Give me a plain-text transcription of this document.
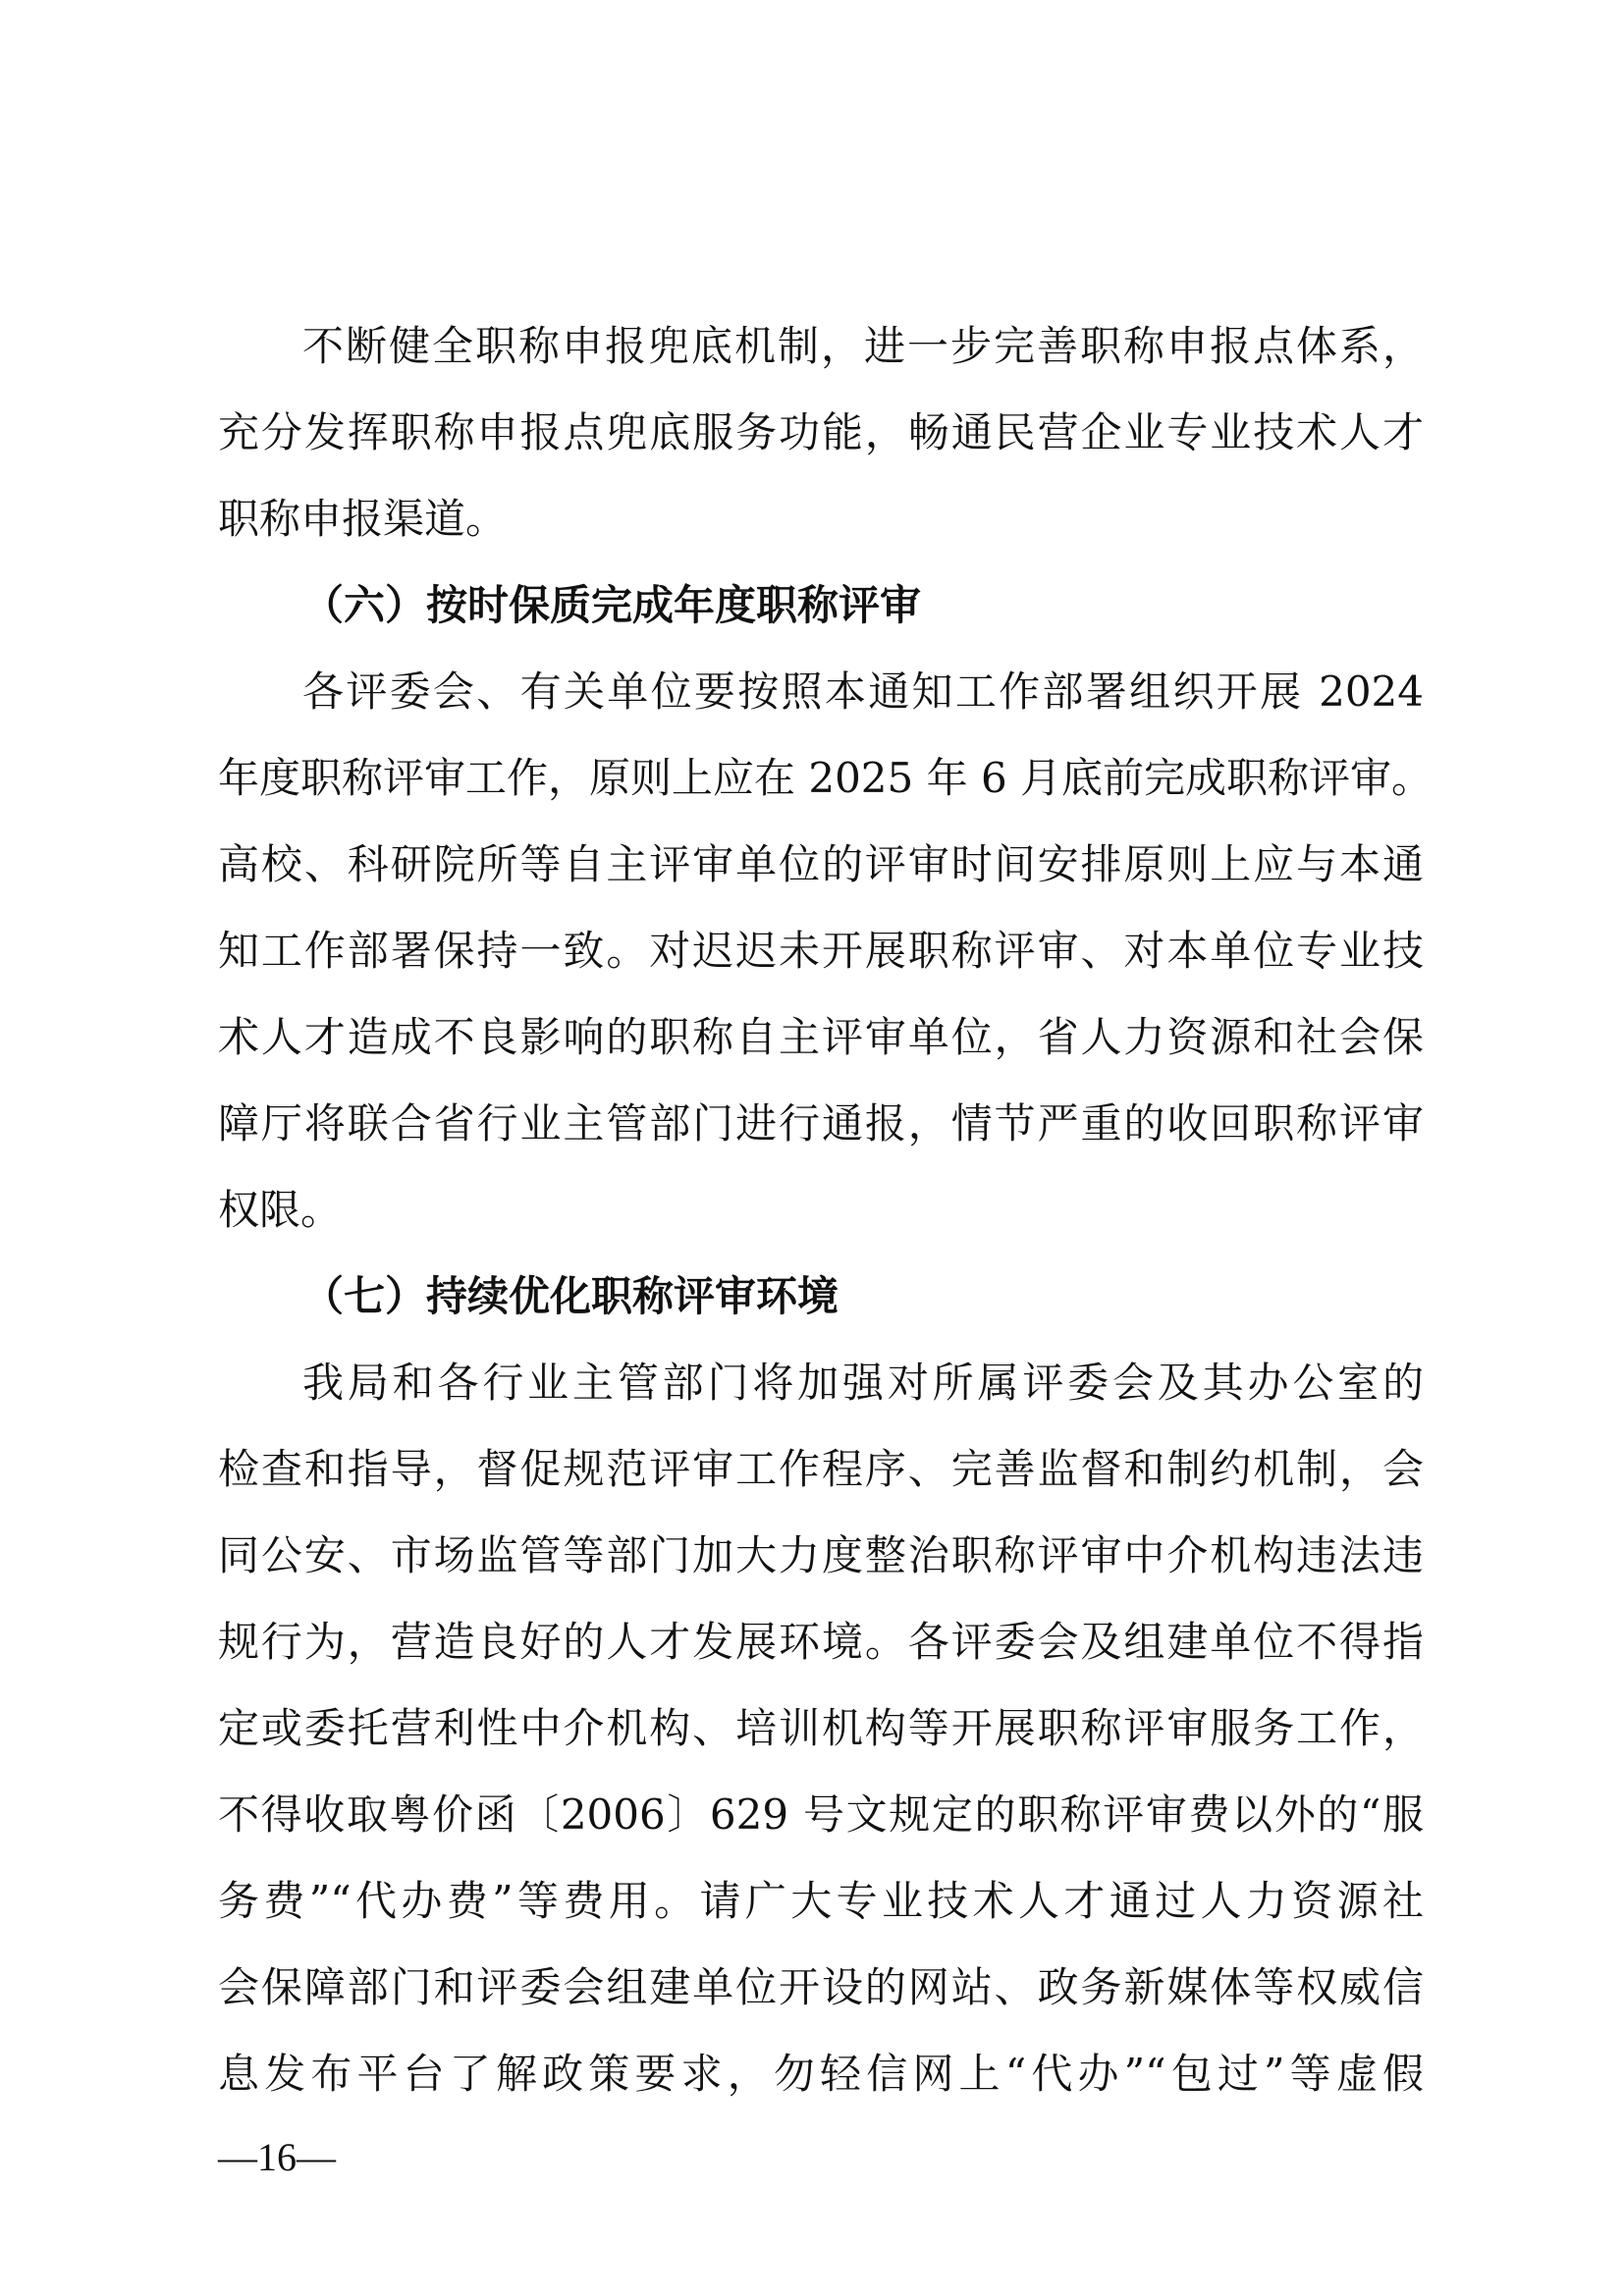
不断健全职称申报兜底机制，进一步完善职称申报点体系，
充分发挥职称申报点兜底服务功能，畅通民营企业专业技术人才
职称申报渠道。
（六）按时保质完成年度职称评审
各评委会、有关单位要按照本通知工作部署组织开展 2024
年度职称评审工作，原则上应在 2025 年 6 月底前完成职称评审。
高校、科研院所等自主评审单位的评审时间安排原则上应与本通
知工作部署保持一致。对迟迟未开展职称评审、对本单位专业技
术人才造成不良影响的职称自主评审单位，省人力资源和社会保
障厅将联合省行业主管部门进行通报，情节严重的收回职称评审
权限。
（七）持续优化职称评审环境
我局和各行业主管部门将加强对所属评委会及其办公室的
检查和指导，督促规范评审工作程序、完善监督和制约机制，会
同公安、市场监管等部门加大力度整治职称评审中介机构违法违
规行为，营造良好的人才发展环境。各评委会及组建单位不得指
定或委托营利性中介机构、培训机构等开展职称评审服务工作，
不得收取粤价函〔2006〕629 号文规定的职称评审费以外的“服
务费”“代办费”等费用。请广大专业技术人才通过人力资源社
会保障部门和评委会组建单位开设的网站、政务新媒体等权威信
息发布平台了解政策要求，勿轻信网上“代办”“包过”等虚假
—16—
